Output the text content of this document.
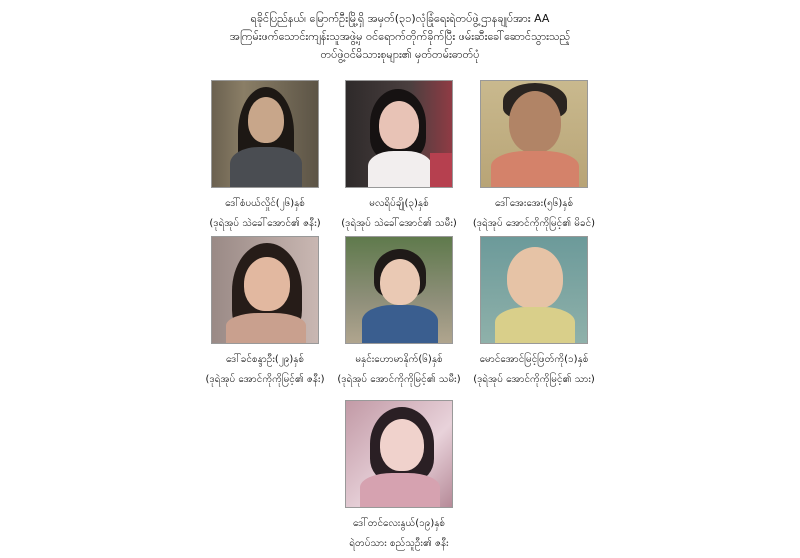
ရခိုင်ပြည်နယ်၊ မြောက်ဦးမြို့ရှိ အမှတ်(၃၁)လုံခြုံရေးရဲတပ်ဖွဲ့ဌာနချုပ်အား AA
အကြမ်းဖက်သောင်းကျန်းသူအဖွဲ့မှ ဝင်ရောက်တိုက်ခိုက်ပြီး ဖမ်းဆီးခေါ်ဆောင်သွားသည့်
တပ်ဖွဲ့ဝင်မိသားစုများ၏ မှတ်တမ်းဓာတ်ပုံ
ဒေါ်စံပယ်လှိုင်(၂၆)နှစ်
(ဒုရဲအုပ် သဲခေါ်အောင်၏ ဇနီး)
မလရိပ်ချို(၃)နှစ်
(ဒုရဲအုပ် သဲခေါ်အောင်၏ သမီး)
ဒေါ်အေးအေး(၅၆)နှစ်
(ဒုရဲအုပ် အောင်ကိုကိုမြင့်၏ မိခင်)
ဒေါ်ခင်စန္ဒာဦး(၂၉)နှစ်
(ဒုရဲအုပ် အောင်ကိုကိုမြင့်၏ ဇနီး)
မနှင်းဟောမာနိုက်(၆)နှစ်
(ဒုရဲအုပ် အောင်ကိုကိုမြင့်၏ သမီး)
မောင်အောင်မြင့်ဖြတ်ကို(၁)နှစ်
(ဒုရဲအုပ် အောင်ကိုကိုမြင့်၏ သား)
ဒေါ်တင်လေးနွယ်(၁၉)နှစ်
ရဲတပ်သား စည်သူဦး၏ ဇနီး
